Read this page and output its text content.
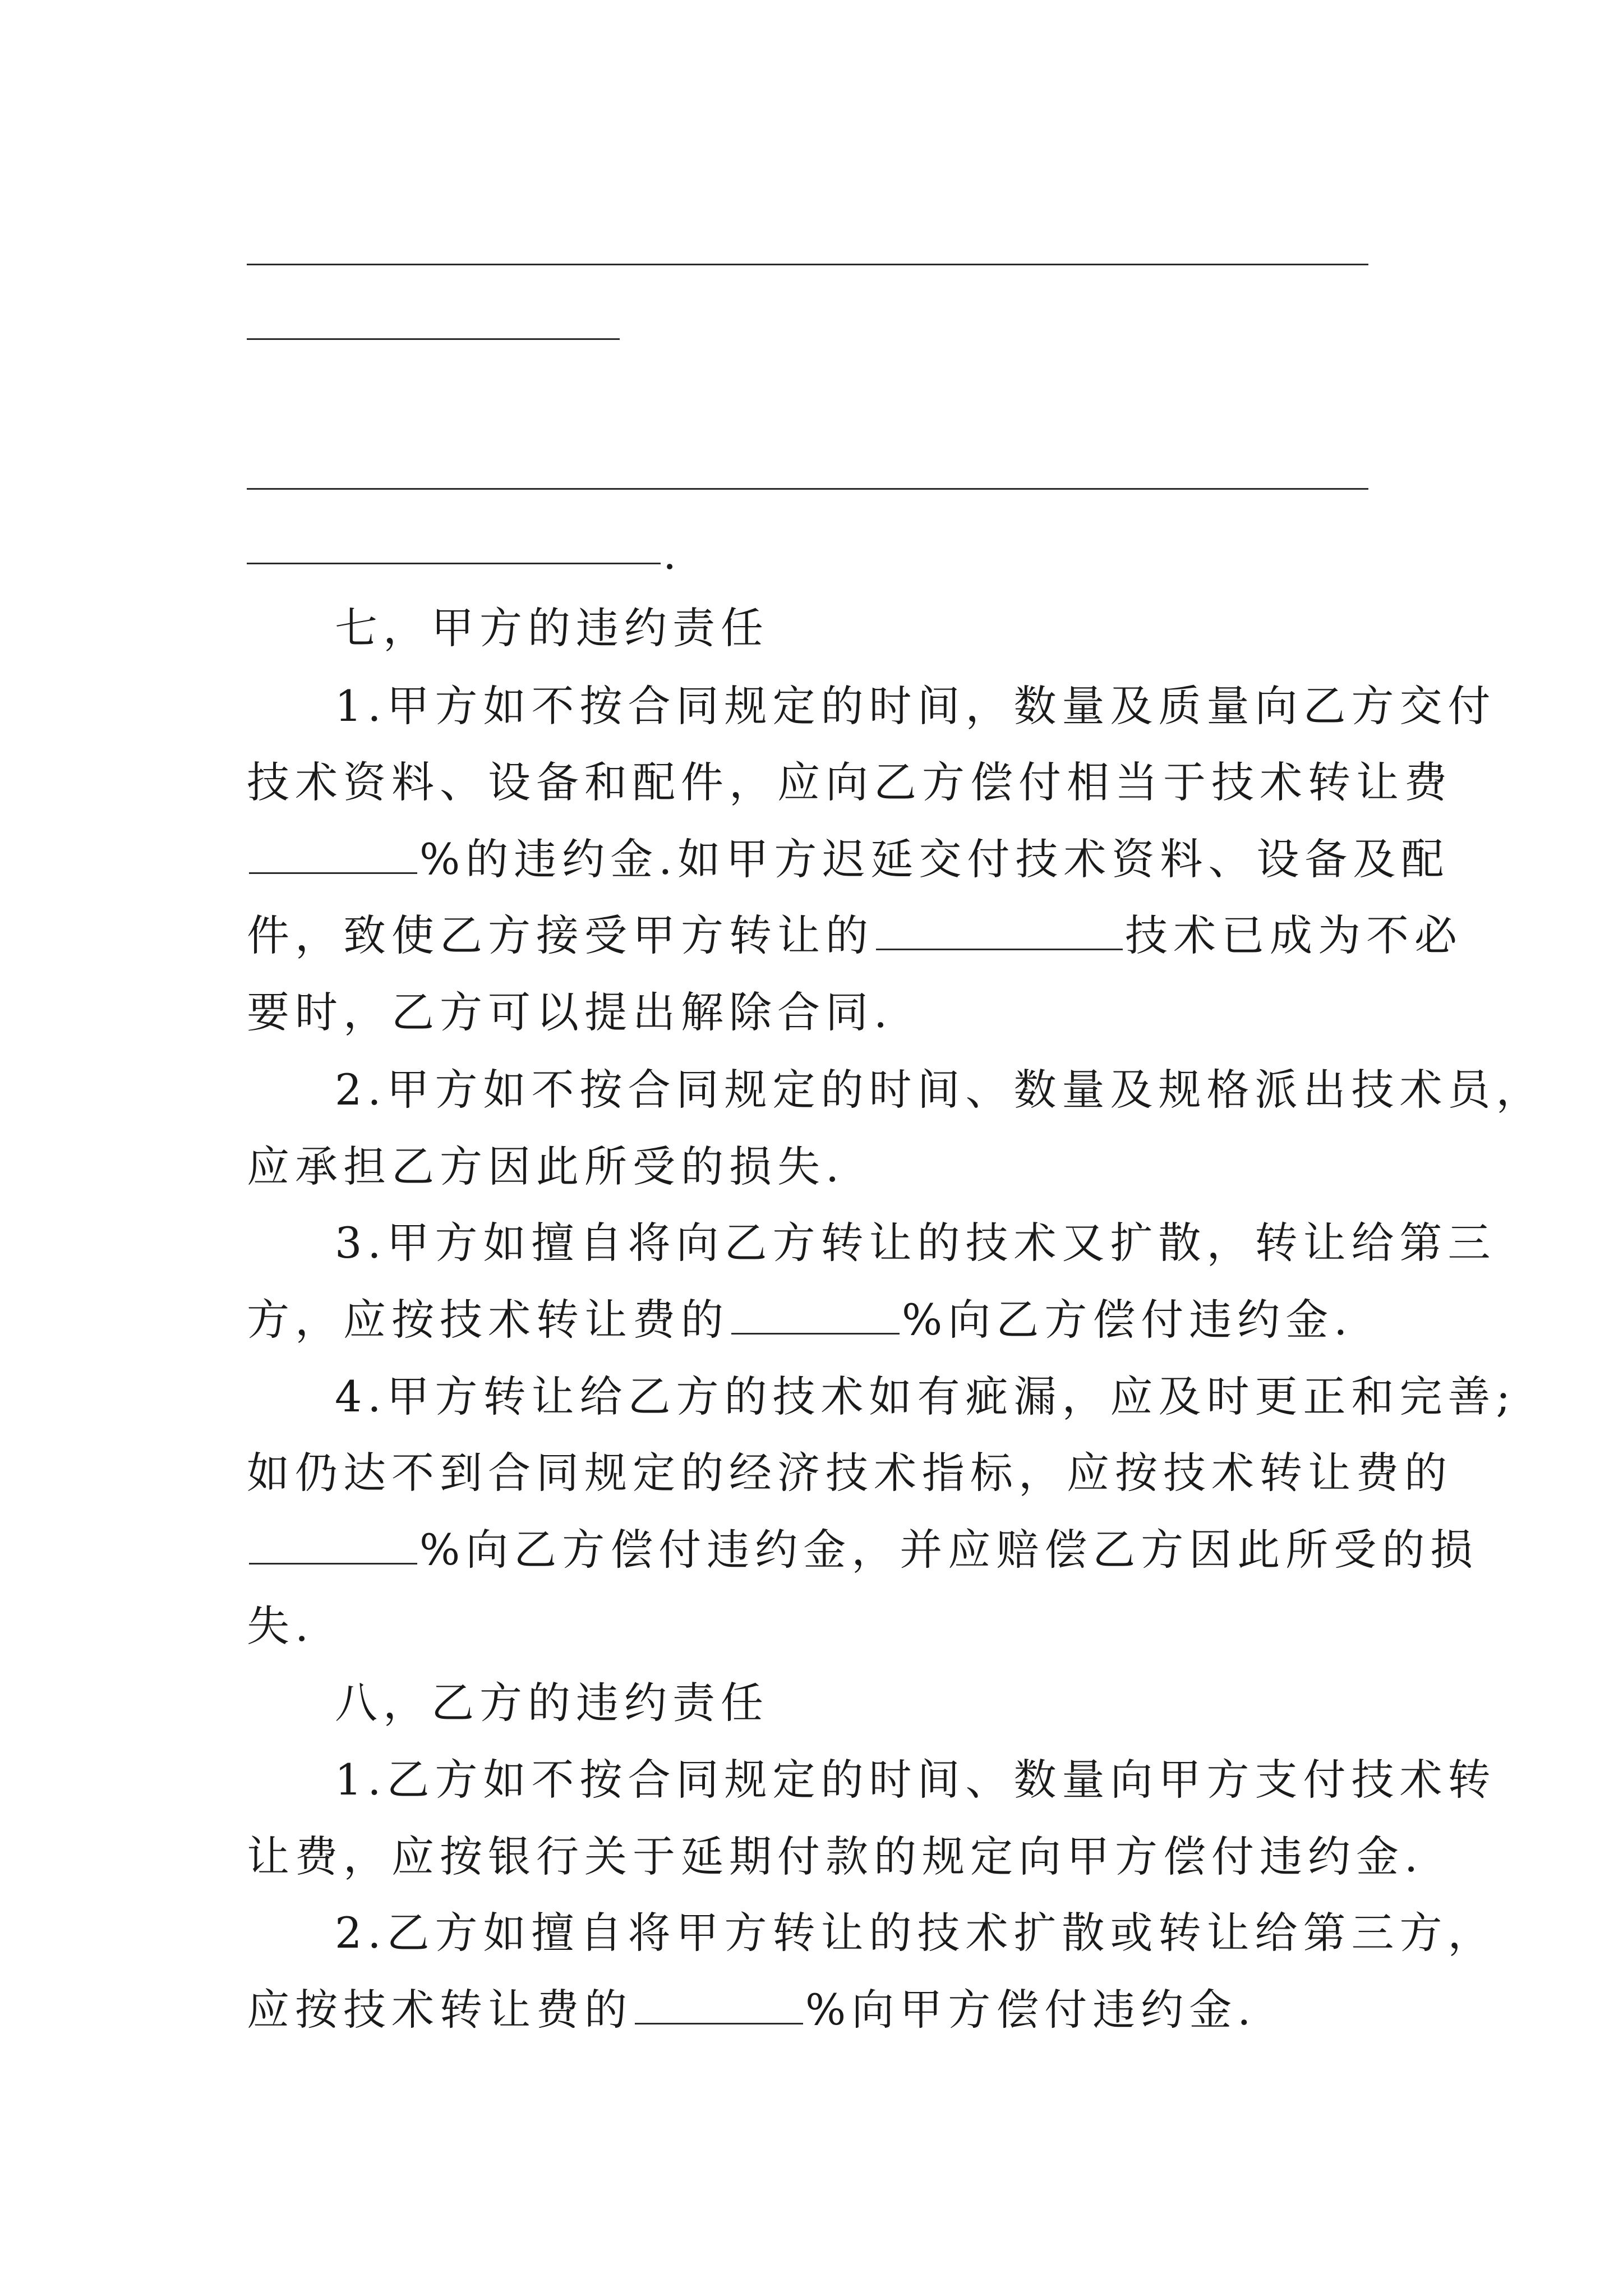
.
七，甲方的违约责任
1.甲方如不按合同规定的时间，数量及质量向乙方交付
技术资料、设备和配件，应向乙方偿付相当于技术转让费
%的违约金.如甲方迟延交付技术资料、设备及配
件，致使乙方接受甲方转让的	技术已成为不必
要时，乙方可以提出解除合同.
2.甲方如不按合同规定的时间、数量及规格派出技术员，
应承担乙方因此所受的损失.
3.甲方如擅自将向乙方转让的技术又扩散，转让给第三
方，应按技术转让费的	%向乙方偿付违约金.
4.甲方转让给乙方的技术如有疵漏，应及时更正和完善;
如仍达不到合同规定的经济技术指标，应按技术转让费的
%向乙方偿付违约金，并应赔偿乙方因此所受的损
失.
八，乙方的违约责任
1.乙方如不按合同规定的时间、数量向甲方支付技术转
让费，应按银行关于延期付款的规定向甲方偿付违约金.
2.乙方如擅自将甲方转让的技术扩散或转让给第三方，
应按技术转让费的	%向甲方偿付违约金.
